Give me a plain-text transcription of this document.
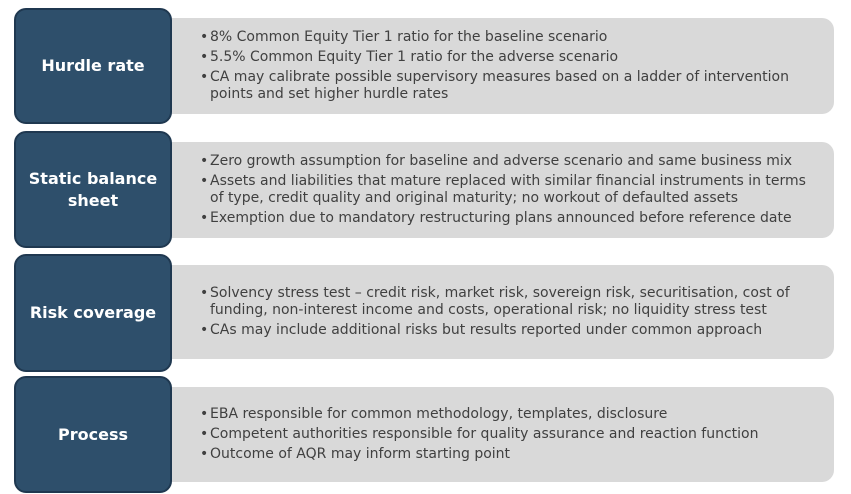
Hurdle rate
• 8% Common Equity Tier 1 ratio for the baseline scenario
• 5.5% Common Equity Tier 1 ratio for the adverse scenario
• CA may calibrate possible supervisory measures based on a ladder of intervention points and set higher hurdle rates
Static balance sheet
• Zero growth assumption for baseline and adverse scenario and same business mix
• Assets and liabilities that mature replaced with similar financial instruments in terms of type, credit quality and original maturity; no workout of defaulted assets
• Exemption due to mandatory restructuring plans announced before reference date
Risk coverage
• Solvency stress test – credit risk, market risk, sovereign risk, securitisation, cost of funding, non-interest income and costs, operational risk; no liquidity stress test
• CAs may include additional risks but results reported under common approach
Process
• EBA responsible for common methodology, templates, disclosure
• Competent authorities responsible for quality assurance and reaction function
• Outcome of AQR may inform starting point
